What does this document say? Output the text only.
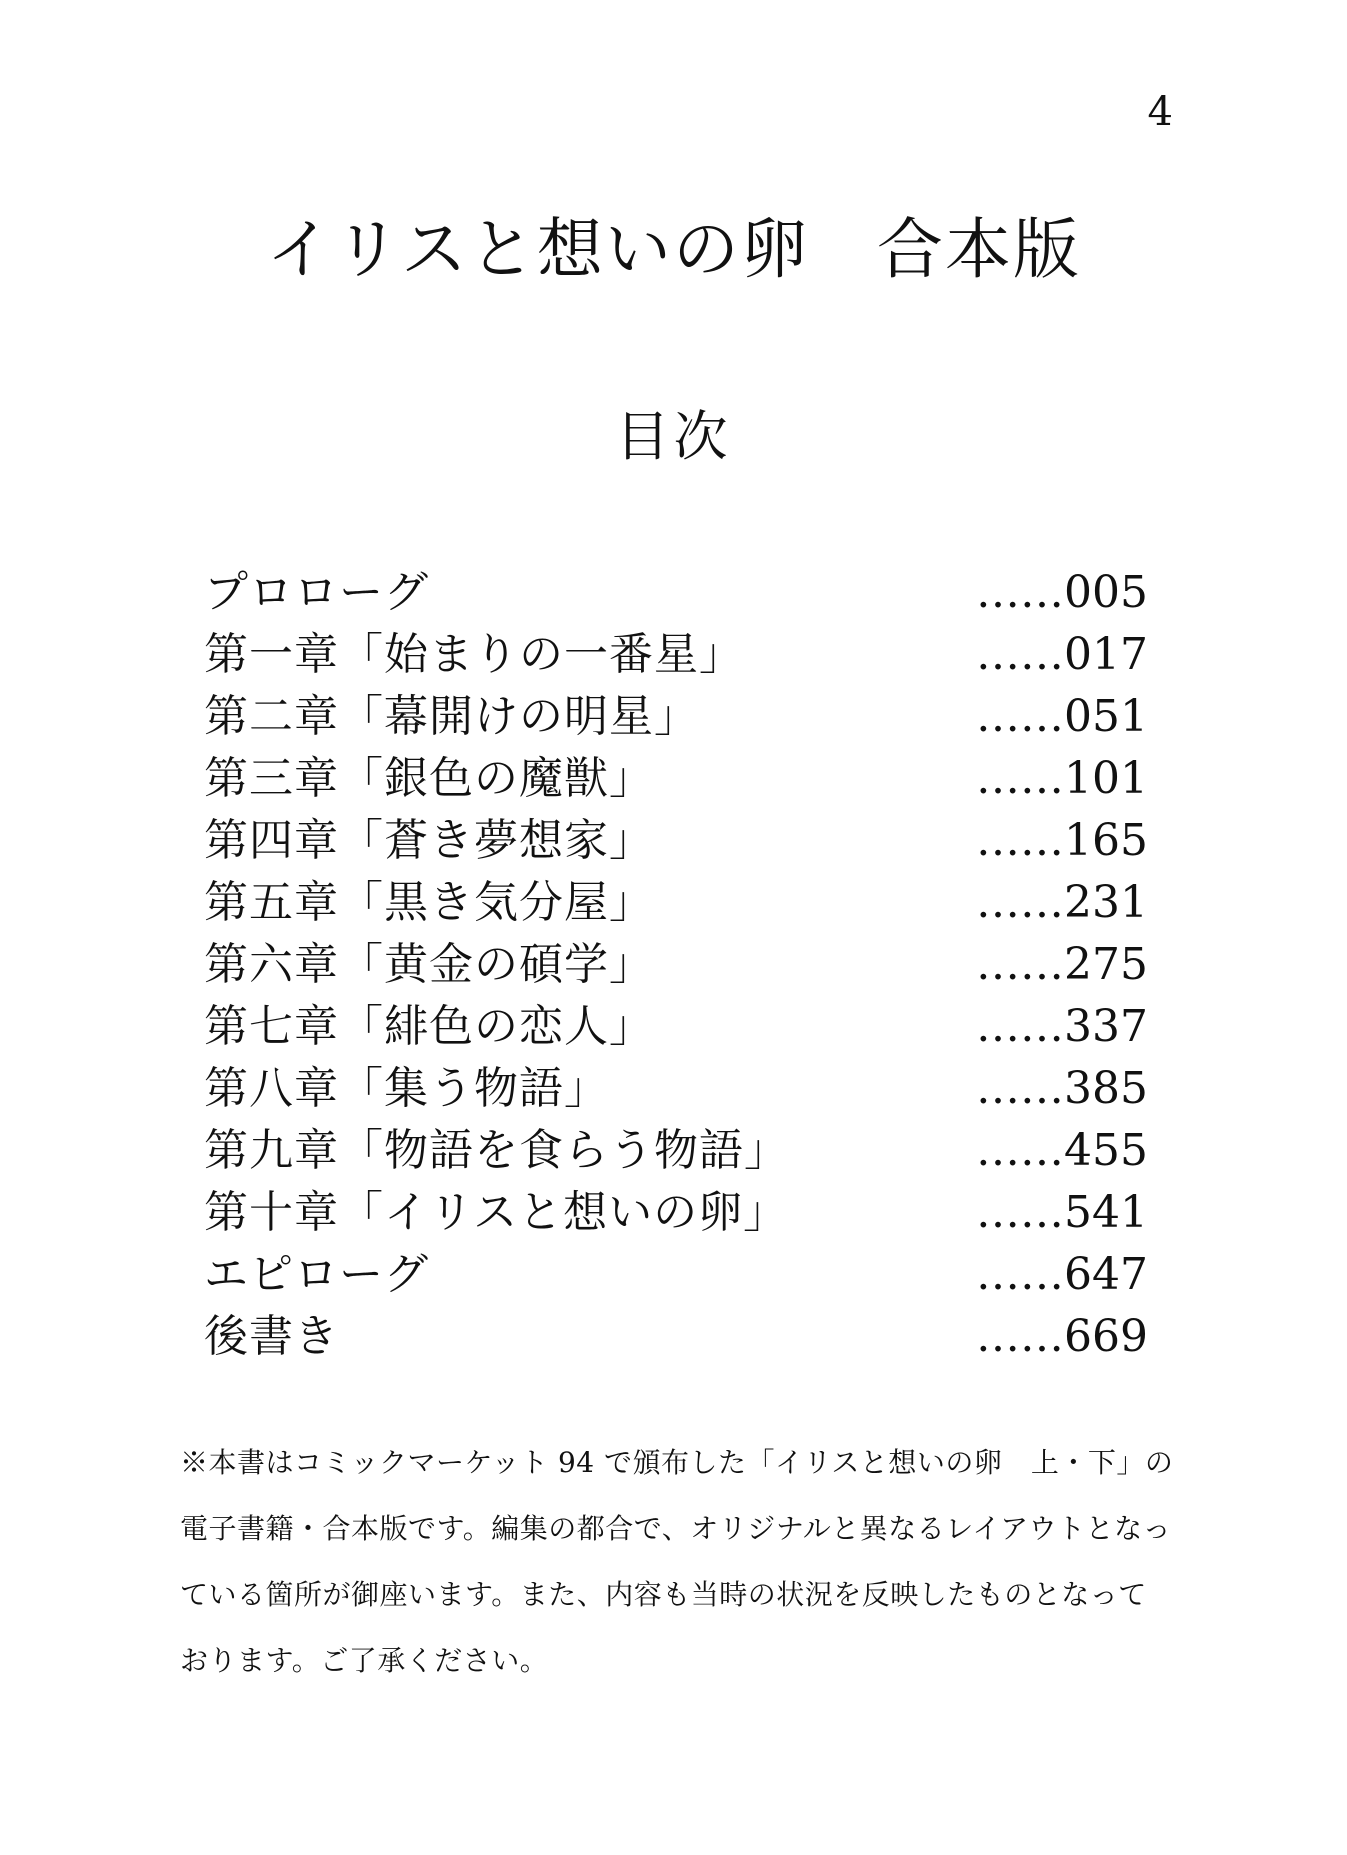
4
イリスと想いの卵　合本版
目次
プロローグ	……005
第一章「始まりの一番星」	……017
第二章「幕開けの明星」	……051
第三章「銀色の魔獣」	……101
第四章「蒼き夢想家」	……165
第五章「黒き気分屋」	……231
第六章「黄金の碩学」	……275
第七章「緋色の恋人」	……337
第八章「集う物語」	……385
第九章「物語を食らう物語」	……455
第十章「イリスと想いの卵」	……541
エピローグ	……647
後書き	……669
※本書はコミックマーケット 94 で頒布した「イリスと想いの卵　上・下」の
電子書籍・合本版です。編集の都合で、オリジナルと異なるレイアウトとなっ
ている箇所が御座います。また、内容も当時の状況を反映したものとなって
おります。ご了承ください。
